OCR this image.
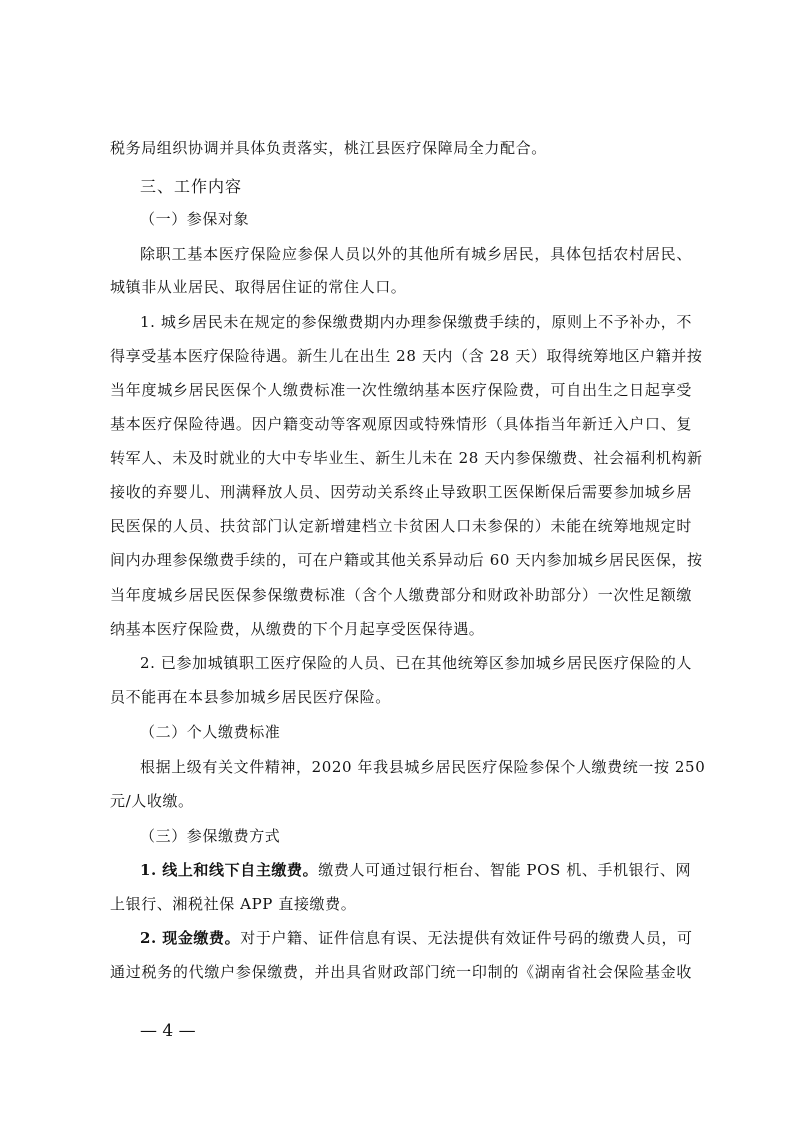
税务局组织协调并具体负责落实，桃江县医疗保障局全力配合。
三、工作内容
（一）参保对象
除职工基本医疗保险应参保人员以外的其他所有城乡居民，具体包括农村居民、
城镇非从业居民、取得居住证的常住人口。
1. 城乡居民未在规定的参保缴费期内办理参保缴费手续的，原则上不予补办，不
得享受基本医疗保险待遇。新生儿在出生 28 天内（含 28 天）取得统筹地区户籍并按
当年度城乡居民医保个人缴费标准一次性缴纳基本医疗保险费，可自出生之日起享受
基本医疗保险待遇。因户籍变动等客观原因或特殊情形（具体指当年新迁入户口、复
转军人、未及时就业的大中专毕业生、新生儿未在 28 天内参保缴费、社会福利机构新
接收的弃婴儿、刑满释放人员、因劳动关系终止导致职工医保断保后需要参加城乡居
民医保的人员、扶贫部门认定新增建档立卡贫困人口未参保的）未能在统筹地规定时
间内办理参保缴费手续的，可在户籍或其他关系异动后 60 天内参加城乡居民医保，按
当年度城乡居民医保参保缴费标准（含个人缴费部分和财政补助部分）一次性足额缴
纳基本医疗保险费，从缴费的下个月起享受医保待遇。
2. 已参加城镇职工医疗保险的人员、已在其他统筹区参加城乡居民医疗保险的人
员不能再在本县参加城乡居民医疗保险。
（二）个人缴费标准
根据上级有关文件精神，2020 年我县城乡居民医疗保险参保个人缴费统一按 250
元/人收缴。
（三）参保缴费方式
1. 线上和线下自主缴费。缴费人可通过银行柜台、智能 POS 机、手机银行、网
上银行、湘税社保 APP 直接缴费。
2. 现金缴费。对于户籍、证件信息有误、无法提供有效证件号码的缴费人员，可
通过税务的代缴户参保缴费，并出具省财政部门统一印制的《湖南省社会保险基金收
— 4 —
